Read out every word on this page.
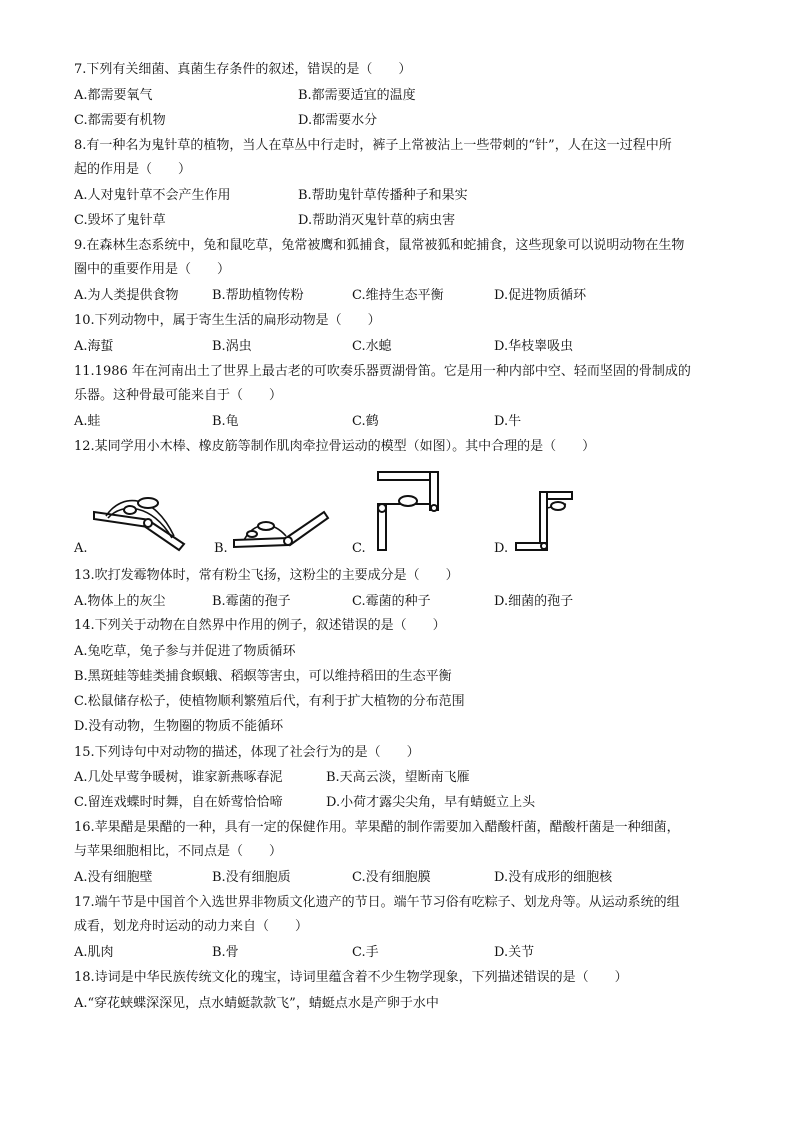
7.下列有关细菌、真菌生存条件的叙述，错误的是（　　）
A.都需要氧气	B.都需要适宜的温度
C.都需要有机物	D.都需要水分
8.有一种名为鬼针草的植物，当人在草丛中行走时，裤子上常被沾上一些带刺的“针”，人在这一过程中所
起的作用是（　　）
A.人对鬼针草不会产生作用	B.帮助鬼针草传播种子和果实
C.毁坏了鬼针草	D.帮助消灭鬼针草的病虫害
9.在森林生态系统中，兔和鼠吃草，兔常被鹰和狐捕食，鼠常被狐和蛇捕食，这些现象可以说明动物在生物
圈中的重要作用是（　　）
A.为人类提供食物	B.帮助植物传粉	C.维持生态平衡	D.促进物质循环
10.下列动物中，属于寄生生活的扁形动物是（　　）
A.海蜇	B.涡虫	C.水螅	D.华枝睾吸虫
11.1986 年在河南出土了世界上最古老的可吹奏乐器贾湖骨笛。它是用一种内部中空、轻而坚固的骨制成的
乐器。这种骨最可能来自于（　　）
A.蛙	B.龟	C.鹤	D.牛
12.某同学用小木棒、橡皮筋等制作肌肉牵拉骨运动的模型（如图）。其中合理的是（　　）
A.	B.	C.	D.
13.吹打发霉物体时，常有粉尘飞扬，这粉尘的主要成分是（　　）
A.物体上的灰尘	B.霉菌的孢子	C.霉菌的种子	D.细菌的孢子
14.下列关于动物在自然界中作用的例子，叙述错误的是（　　）
A.兔吃草，兔子参与并促进了物质循环
B.黑斑蛙等蛙类捕食螟蛾、稻螟等害虫，可以维持稻田的生态平衡
C.松鼠储存松子，使植物顺利繁殖后代，有利于扩大植物的分布范围
D.没有动物，生物圈的物质不能循环
15.下列诗句中对动物的描述，体现了社会行为的是（　　）
A.几处早莺争暖树，谁家新燕啄春泥	B.天高云淡，望断南飞雁
C.留连戏蝶时时舞，自在娇莺恰恰啼	D.小荷才露尖尖角，早有蜻蜓立上头
16.苹果醋是果醋的一种，具有一定的保健作用。苹果醋的制作需要加入醋酸杆菌，醋酸杆菌是一种细菌，
与苹果细胞相比，不同点是（　　）
A.没有细胞壁	B.没有细胞质	C.没有细胞膜	D.没有成形的细胞核
17.端午节是中国首个入选世界非物质文化遗产的节日。端午节习俗有吃粽子、划龙舟等。从运动系统的组
成看，划龙舟时运动的动力来自（　　）
A.肌肉	B.骨	C.手	D.关节
18.诗词是中华民族传统文化的瑰宝，诗词里蕴含着不少生物学现象，下列描述错误的是（　　）
A.“穿花蛱蝶深深见，点水蜻蜓款款飞”，蜻蜓点水是产卵于水中
